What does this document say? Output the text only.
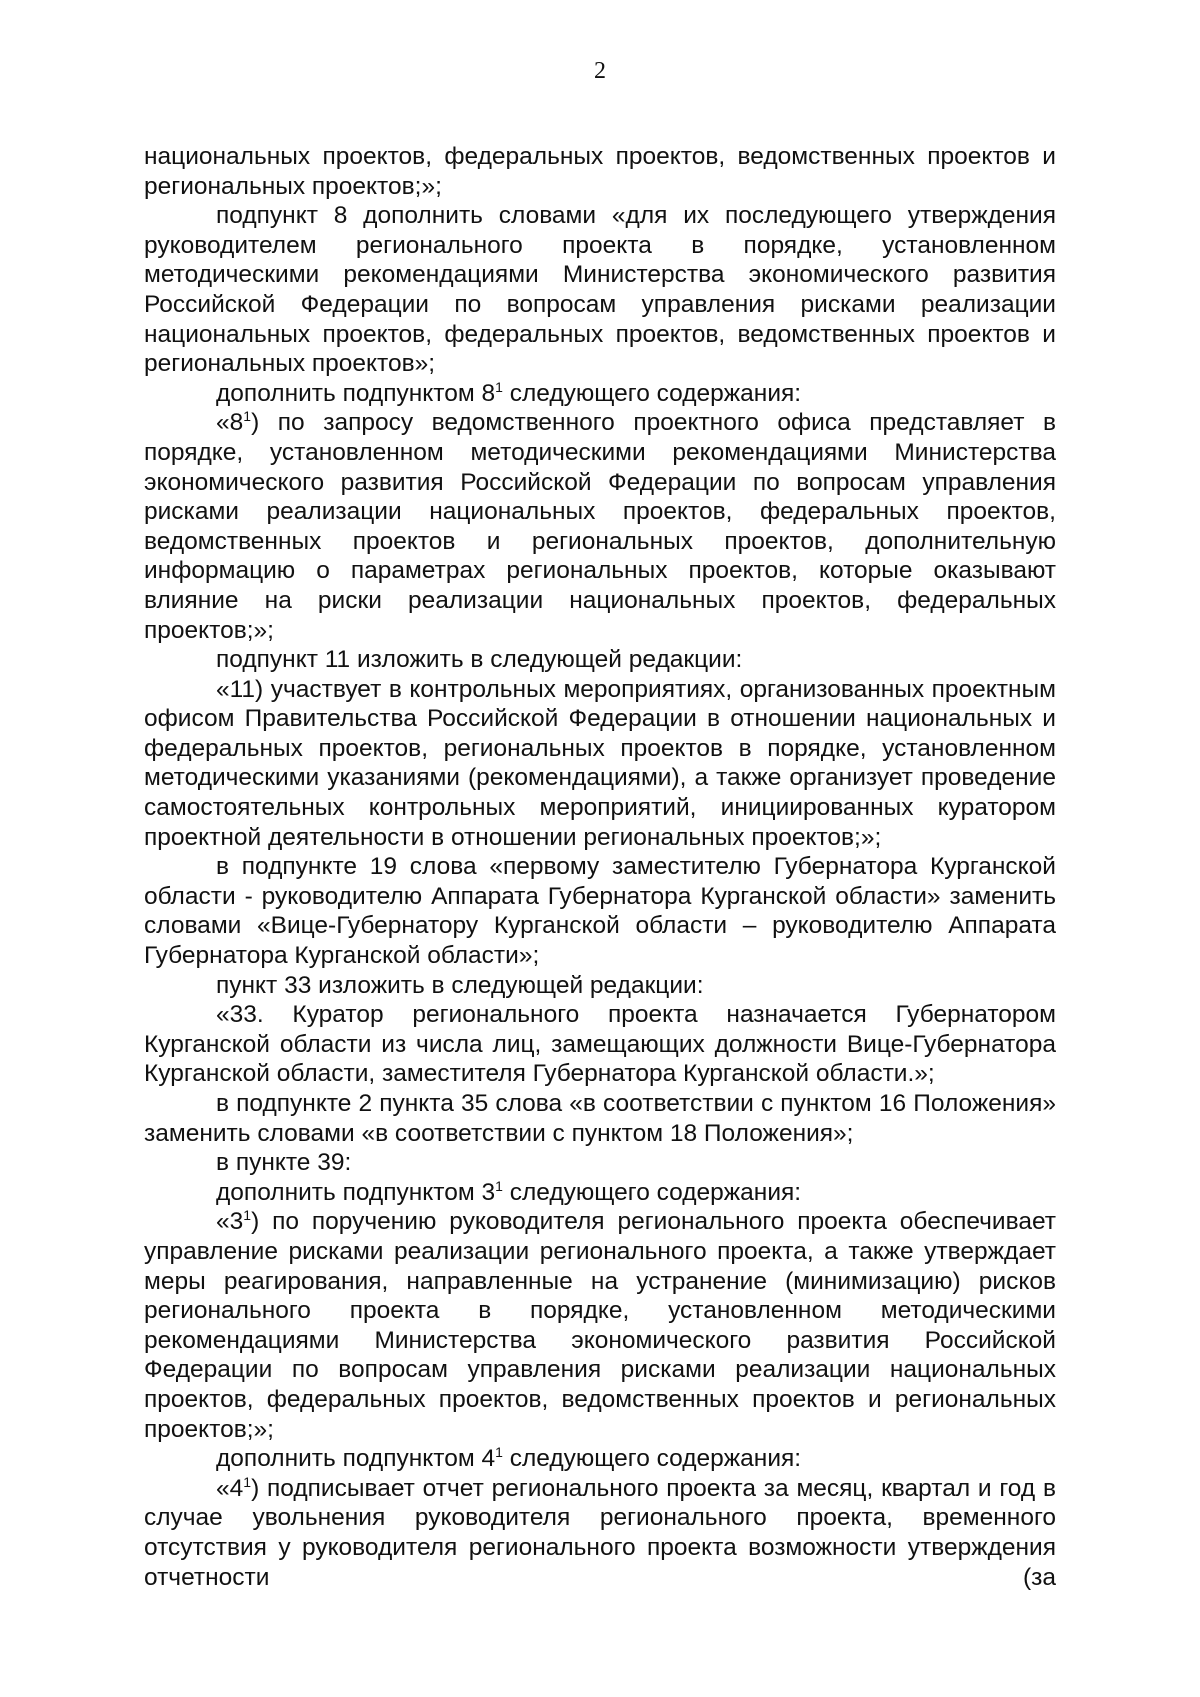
2

национальных проектов, федеральных проектов, ведомственных проектов и региональных проектов;»;

подпункт 8 дополнить словами «для их последующего утверждения руководителем регионального проекта в порядке, установленном методическими рекомендациями Министерства экономического развития Российской Федерации по вопросам управления рисками реализации национальных проектов, федеральных проектов, ведомственных проектов и региональных проектов»;

дополнить подпунктом $8^1$ следующего содержания:

«$8^1$) по запросу ведомственного проектного офиса представляет в порядке, установленном методическими рекомендациями Министерства экономического развития Российской Федерации по вопросам управления рисками реализации национальных проектов, федеральных проектов, ведомственных проектов и региональных проектов, дополнительную информацию о параметрах региональных проектов, которые оказывают влияние на риски реализации национальных проектов, федеральных проектов;»;

подпункт 11 изложить в следующей редакции:

«11) участвует в контрольных мероприятиях, организованных проектным офисом Правительства Российской Федерации в отношении национальных и федеральных проектов, региональных проектов в порядке, установленном методическими указаниями (рекомендациями), а также организует проведение самостоятельных контрольных мероприятий, инициированных куратором проектной деятельности в отношении региональных проектов;»;

в подпункте 19 слова «первому заместителю Губернатора Курганской области - руководителю Аппарата Губернатора Курганской области» заменить словами «Вице-Губернатору Курганской области – руководителю Аппарата Губернатора Курганской области»;

пункт 33 изложить в следующей редакции:

«33. Куратор регионального проекта назначается Губернатором Курганской области из числа лиц, замещающих должности Вице-Губернатора Курганской области, заместителя Губернатора Курганской области.»;

в подпункте 2 пункта 35 слова «в соответствии с пунктом 16 Положения» заменить словами «в соответствии с пунктом 18 Положения»;

в пункте 39:

дополнить подпунктом $3^1$ следующего содержания:

«$3^1$) по поручению руководителя регионального проекта обеспечивает управление рисками реализации регионального проекта, а также утверждает меры реагирования, направленные на устранение (минимизацию) рисков регионального проекта в порядке, установленном методическими рекомендациями Министерства экономического развития Российской Федерации по вопросам управления рисками реализации национальных проектов, федеральных проектов, ведомственных проектов и региональных проектов;»;

дополнить подпунктом $4^1$ следующего содержания:

«$4^1$) подписывает отчет регионального проекта за месяц, квартал и год в случае увольнения руководителя регионального проекта, временного отсутствия у руководителя регионального проекта возможности утверждения отчетности (за
